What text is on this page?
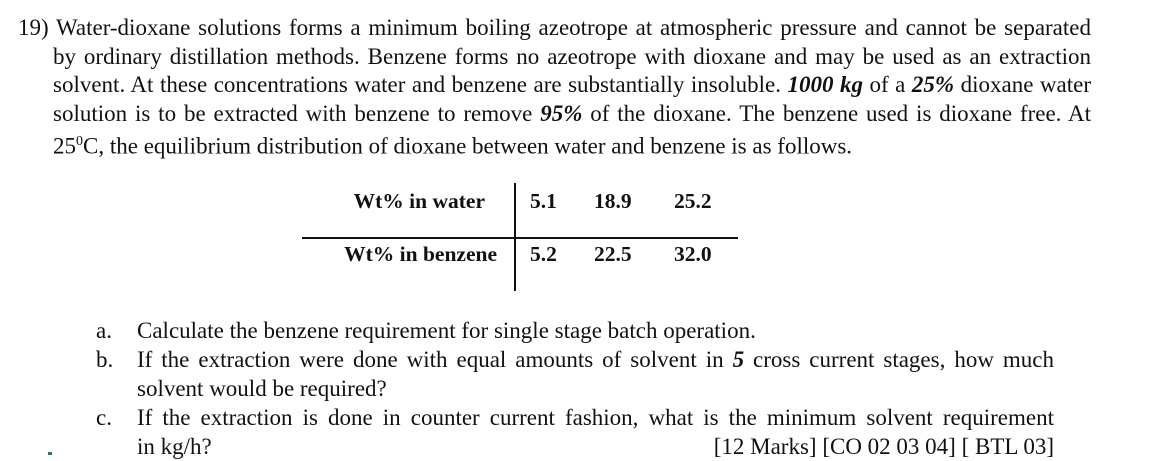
19) Water-dioxane solutions forms a minimum boiling azeotrope at atmospheric pressure and cannot be separated by ordinary distillation methods. Benzene forms no azeotrope with dioxane and may be used as an extraction solvent. At these concentrations water and benzene are substantially insoluble. 1000 kg of a 25% dioxane water solution is to be extracted with benzene to remove 95% of the dioxane. The benzene used is dioxane free. At $25^0C$, the equilibrium distribution of dioxane between water and benzene is as follows.
Wt% in water 5.1 18.9 25.2
Wt% in benzene 5.2 22.5 32.0
a.	Calculate the benzene requirement for single stage batch operation.
b.	If the extraction were done with equal amounts of solvent in 5 cross current stages, how much solvent would be required?
c.	If the extraction is done in counter current fashion, what is the minimum solvent requirement
in kg/h?	[12 Marks] [CO 02 03 04] [ BTL 03]
